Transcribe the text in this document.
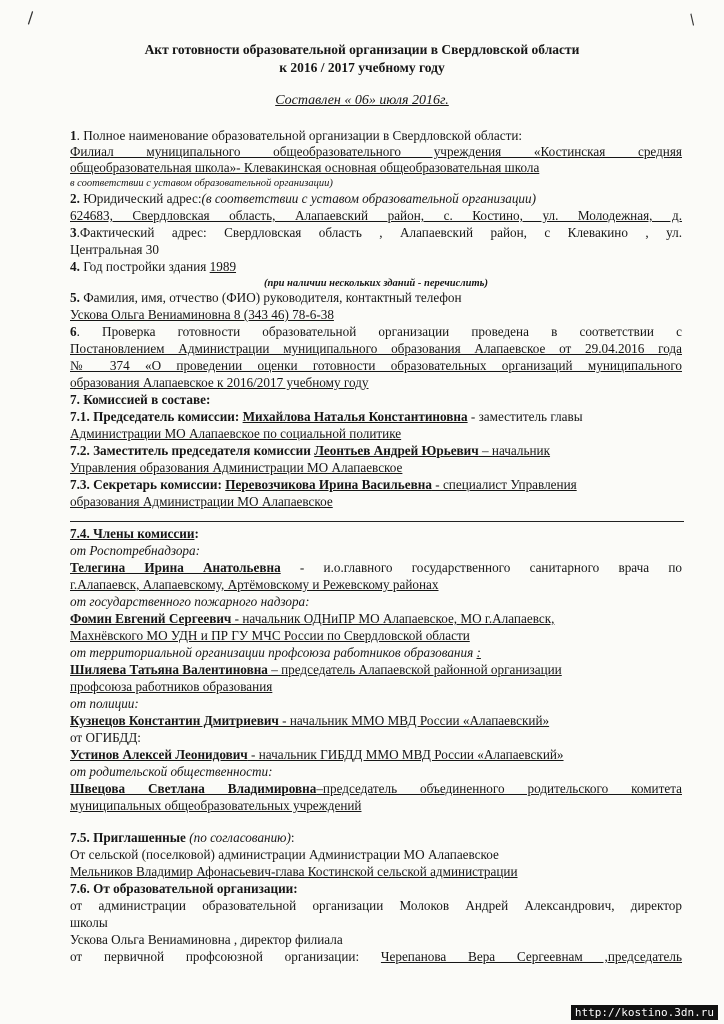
\	/
Акт готовности образовательной организации в Свердловской области
к 2016 / 2017 учебному году
Составлен « 06» июля 2016г.
1. Полное наименование образовательной организации в Свердловской области:
Филиал муниципального общеобразовательного учреждения «Костинская средняя
общеобразовательная школа»- Клевакинская основная общеобразовательная школа
в соответствии с уставом образовательной организации)
2. Юридический адрес:(в соответствии с уставом образовательной организации)
624683, Свердловская область, Алапаевский район, с. Костино, ул. Молодежная, д.
3.Фактический адрес: Свердловская область , Алапаевский район, с Клевакино , ул.
Центральная 30
4. Год постройки здания 1989
(при наличии нескольких зданий - перечислить)
5. Фамилия, имя, отчество (ФИО) руководителя, контактный телефон
Ускова Ольга Вениаминовна 8 (343 46) 78-6-38
6. Проверка готовности образовательной организации проведена в соответствии с
Постановлением Администрации муниципального образования Алапаевское от 29.04.2016 года
№ 374 «О проведении оценки готовности образовательных организаций муниципального
образования Алапаевское к 2016/2017 учебному году
7. Комиссией в составе:
7.1. Председатель комиссии: Михайлова Наталья Константиновна - заместитель главы
Администрации МО Алапаевское по социальной политике
7.2. Заместитель председателя комиссии Леонтьев Андрей Юрьевич – начальник
Управления образования Администрации МО Алапаевское
7.3. Секретарь комиссии: Перевозчикова Ирина Васильевна - специалист Управления
образования Администрации МО Алапаевское
7.4. Члены комиссии:
от Роспотребнадзора:
Телегина Ирина Анатольевна - и.о.главного государственного санитарного врача по
г.Алапаевск, Алапаевскому, Артёмовскому и Режевскому районах
от государственного пожарного надзора:
Фомин Евгений Сергеевич - начальник ОДНиПР МО Алапаевское, МО г.Алапаевск,
Махнёвского МО УДН и ПР ГУ МЧС России по Свердловской области
от территориальной организации профсоюза работников образования :
Шиляева Татьяна Валентиновна – председатель Алапаевской районной организации
профсоюза работников образования
от полиции:
Кузнецов Константин Дмитриевич - начальник ММО МВД России «Алапаевский»
от ОГИБДД:
Устинов Алексей Леонидович - начальник ГИБДД ММО МВД России «Алапаевский»
от родительской общественности:
Швецова Светлана Владимировна–председатель объединенного родительского комитета
муниципальных общеобразовательных учреждений
7.5. Приглашенные (по согласованию):
От сельской (поселковой) администрации Администрации МО Алапаевское
Мельников Владимир Афонасьевич-глава Костинской сельской администрации
7.6. От образовательной организации:
от администрации образовательной организации Молоков Андрей Александрович, директор
школы
Ускова Ольга Вениаминовна , директор филиала
от первичной профсоюзной организации: Черепанова Вера Сергеевнам ,председатель
http://kostino.3dn.ru
